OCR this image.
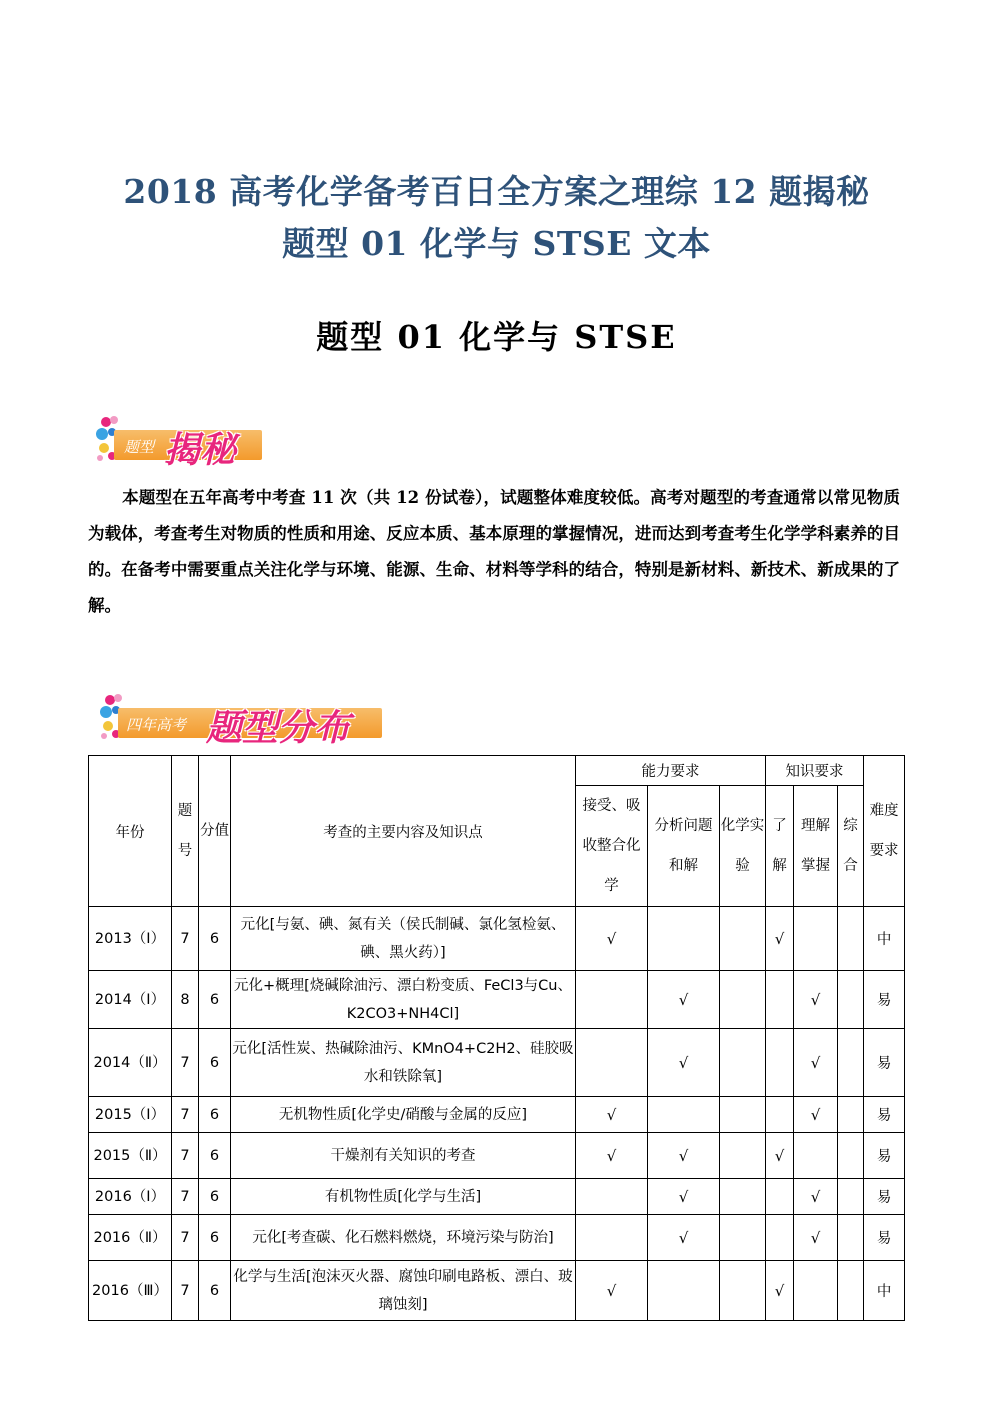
2018 高考化学备考百日全方案之理综 12 题揭秘
题型 01 化学与 STSE 文本
题型 01 化学与 STSE
题型 揭秘
本题型在五年高考中考查 11 次（共 12 份试卷），试题整体难度较低。高考对题型的考查通常以常见物质为载体，考查考生对物质的性质和用途、反应本质、基本原理的掌握情况，进而达到考查考生化学学科素养的目的。在备考中需要重点关注化学与环境、能源、生命、材料等学科的结合，特别是新材料、新技术、新成果的了解。
四年高考 题型分布
年份	题号	分值	考查的主要内容及知识点	能力要求			知识要求			难度要求
				接受、吸收整合化学	分析问题和解	化学实验	了解	理解掌握	综合	
2013（Ⅰ）	7	6	元化[与氨、碘、氮有关（侯氏制碱、氯化氢检氨、碘、黑火药）]	√			√			中
2014（Ⅰ）	8	6	元化+概理[烧碱除油污、漂白粉变质、FeCl3与Cu、K2CO3+NH4Cl]		√			√		易
2014（Ⅱ）	7	6	元化[活性炭、热碱除油污、KMnO4+C2H2、硅胶吸水和铁除氧]		√			√		易
2015（Ⅰ）	7	6	无机物性质[化学史/硝酸与金属的反应]	√				√		易
2015（Ⅱ）	7	6	干燥剂有关知识的考查	√	√		√			易
2016（Ⅰ）	7	6	有机物性质[化学与生活]		√			√		易
2016（Ⅱ）	7	6	元化[考查碳、化石燃料燃烧，环境污染与防治]		√			√		易
2016（Ⅲ）	7	6	化学与生活[泡沫灭火器、腐蚀印刷电路板、漂白、玻璃蚀刻]	√			√			中
